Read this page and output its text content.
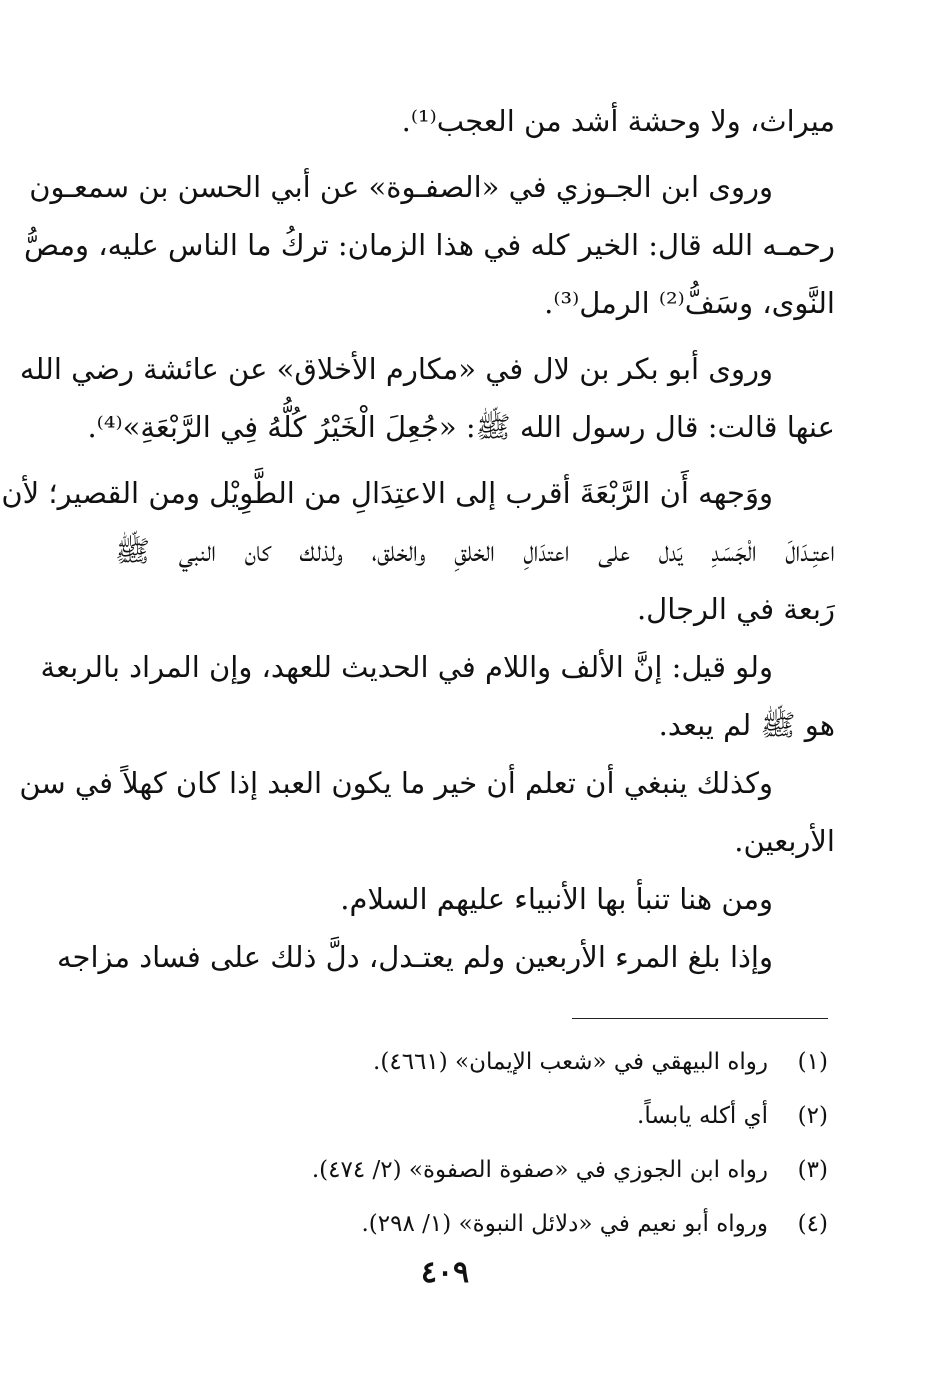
ميراث، ولا وحشة أشد من العجب⁽¹⁾.
وروى ابن الجـوزي في «الصفـوة» عن أبي الحسن بن سمعـون
رحمـه الله قال: الخير كله في هذا الزمان: تركُ ما الناس عليه، ومصُّ
النَّوى، وسَفُّ⁽²⁾ الرمل⁽³⁾.
وروى أبو بكر بن لال في «مكارم الأخلاق» عن عائشة رضي الله
عنها قالت: قال رسول الله ﷺ: «جُعِلَ الْخَيْرُ كُلُّهُ فِي الرَّبْعَةِ»⁽⁴⁾.
ووَجهه أَن الرَّبْعَةَ أقرب إلى الاعتِدَالِ من الطَّوِيْل ومن القصير؛ لأن
اعتِـدَالَ الْجَسَدِ يَدل على اعتدَالِ الخلقِ والخلق، ولذلك كان النبي ﷺ
رَبعة في الرجال.
ولو قيل: إنَّ الألف واللام في الحديث للعهد، وإن المراد بالربعة
هو ﷺ لم يبعد.
وكذلك ينبغي أن تعلم أن خير ما يكون العبد إذا كان كهلاً في سن
الأربعين.
ومن هنا تنبأ بها الأنبياء عليهم السلام.
وإذا بلغ المرء الأربعين ولم يعتـدل، دلَّ ذلك على فساد مزاجه
(١)
رواه البيهقي في «شعب الإيمان» (٤٦٦١).
(٢)
أي أكله يابساً.
(٣)
رواه ابن الجوزي في «صفوة الصفوة» (٢/ ٤٧٤).
(٤)
ورواه أبو نعيم في «دلائل النبوة» (١/ ٢٩٨).
٤٠٩
